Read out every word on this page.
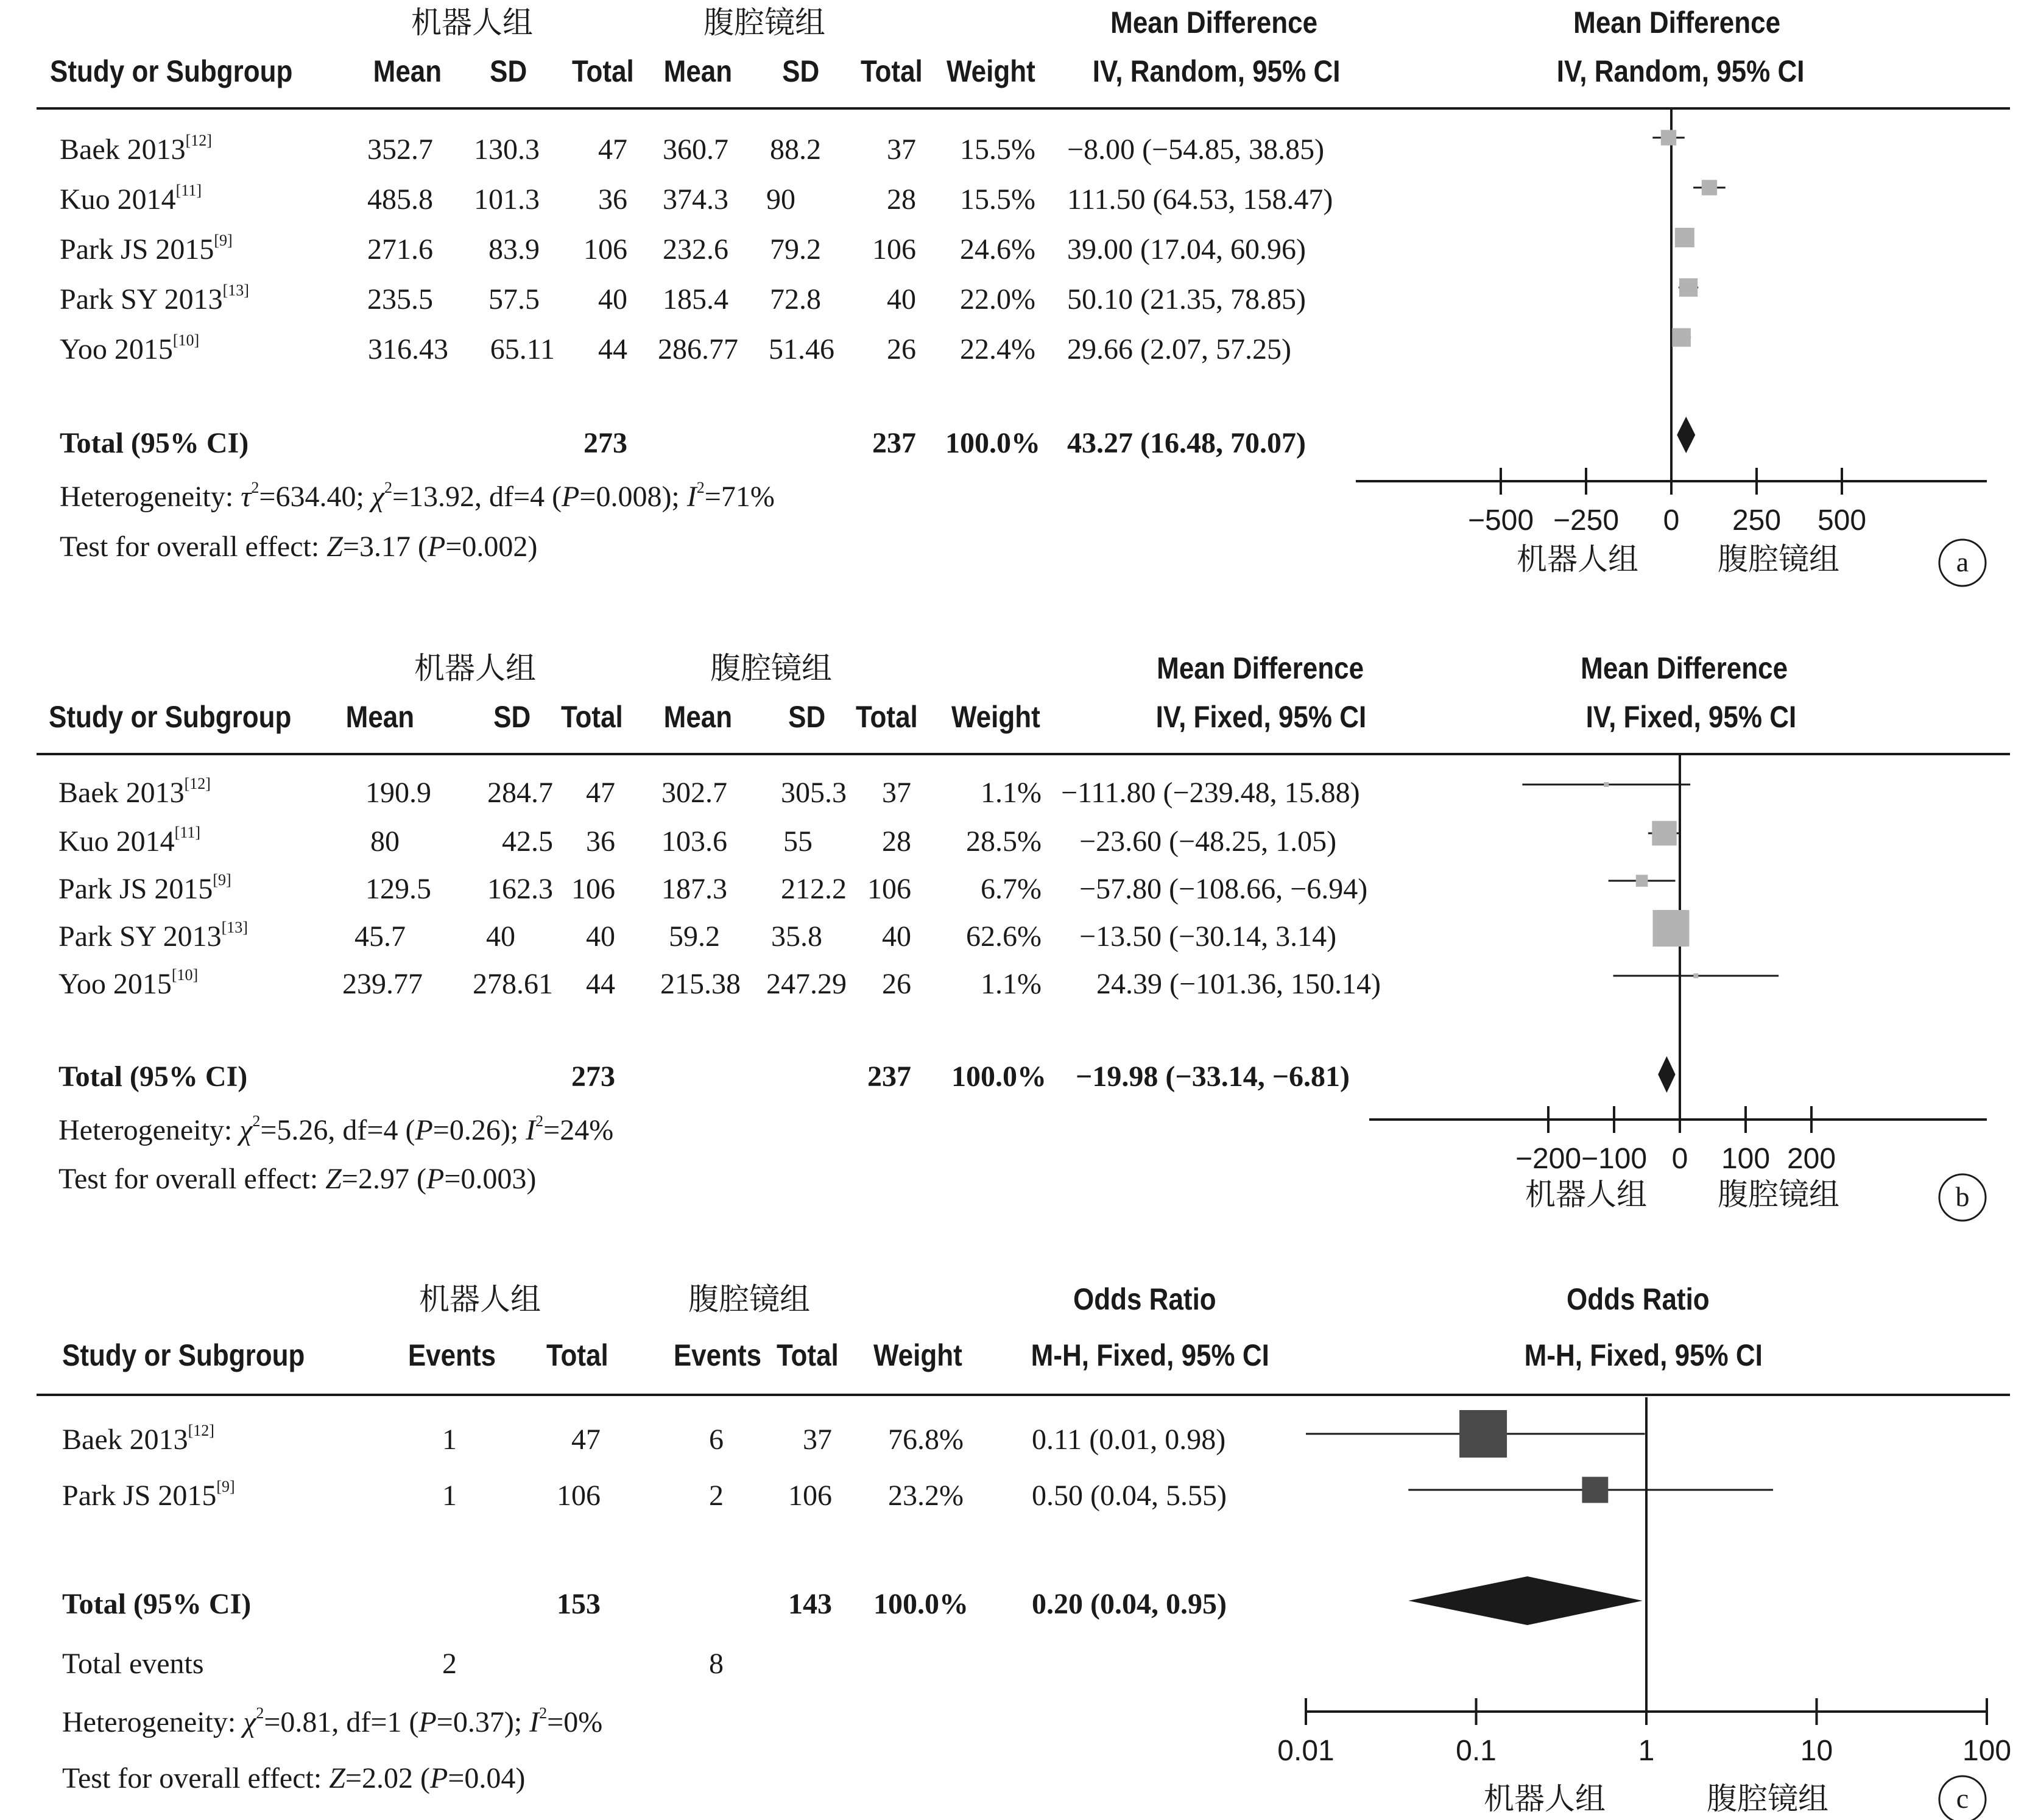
机器人组	腹腔镜组	Mean Difference	Mean Difference
Study or Subgroup	Mean SD Total Mean SD Total Weight IV, Random, 95% CI	IV, Random, 95% CI
Baek 2013[12]	352.7 130.3 47 360.7 88.2 37 15.5% −8.00 (−54.85, 38.85)
Kuo 2014[11]	485.8 101.3 36 374.3 90	28 15.5% 111.50 (64.53, 158.47)
Park JS 2015[9]	271.6 83.9 106 232.6 79.2 106 24.6% 39.00 (17.04, 60.96)
Park SY 2013[13]	235.5 57.5 40 185.4 72.8 40 22.0% 50.10 (21.35, 78.85)
Yoo 2015[10]	316.43 65.11 44 286.77 51.46 26 22.4% 29.66 (2.07, 57.25)
Total (95% CI)	273	237 100.0% 43.27 (16.48, 70.07)
Heterogeneity: $\tau^2=634.40$; $\chi^2=13.92$, df=4 (P=0.008); $I^2=71\%$
Test for overall effect: Z=3.17 (P=0.002)
机器人组	腹腔镜组	Mean Difference	Mean Difference
Study or Subgroup Mean	SD Total Mean SD Total Weight	IV, Fixed, 95% CI	IV, Fixed, 95% CI
Baek 2013[12]	190.9 284.7 47 302.7 305.3 37 1.1% −111.80 (−239.48, 15.88)
Kuo 2014[11]	80	42.5 36 103.6 55 28 28.5% −23.60 (−48.25, 1.05)
Park JS 2015[9]	129.5 162.3 106 187.3 212.2 106 6.7% −57.80 (−108.66, −6.94)
Park SY 2013[13]	45.7	40 40 59.2 35.8 40 62.6% −13.50 (−30.14, 3.14)
Yoo 2015[10]	239.77 278.61 44 215.38 247.29 26 1.1% 24.39 (−101.36, 150.14)
Total (95% CI)	273	237 100.0% −19.98 (−33.14, −6.81)
Heterogeneity: $\chi^2=5.26$, df=4 (P=0.26); $I^2=24\%$
Test for overall effect: Z=2.97 (P=0.003)
机器人组	腹腔镜组	Odds Ratio	Odds Ratio
Study or Subgroup	Events Total Events Total Weight M-H, Fixed, 95% CI	M-H, Fixed, 95% CI
Baek 2013[12]	1	47	6	37 76.8% 0.11 (0.01, 0.98)
Park JS 2015[9]	1	106	2 106 23.2% 0.50 (0.04, 5.55)
Total (95% CI)	153	143 100.0% 0.20 (0.04, 0.95)
Total events	2	8
Heterogeneity: $\chi^2=0.81$, df=1 (P=0.37); $I^2=0\%$
Test for overall effect: Z=2.02 (P=0.04)
−500 −250 0 250 500
机器人组	腹腔镜组	a
−200 −100 0 100 200
机器人组 腹腔镜组	b
0.01	0.1	1	10	100
机器人组	腹腔镜组	c
